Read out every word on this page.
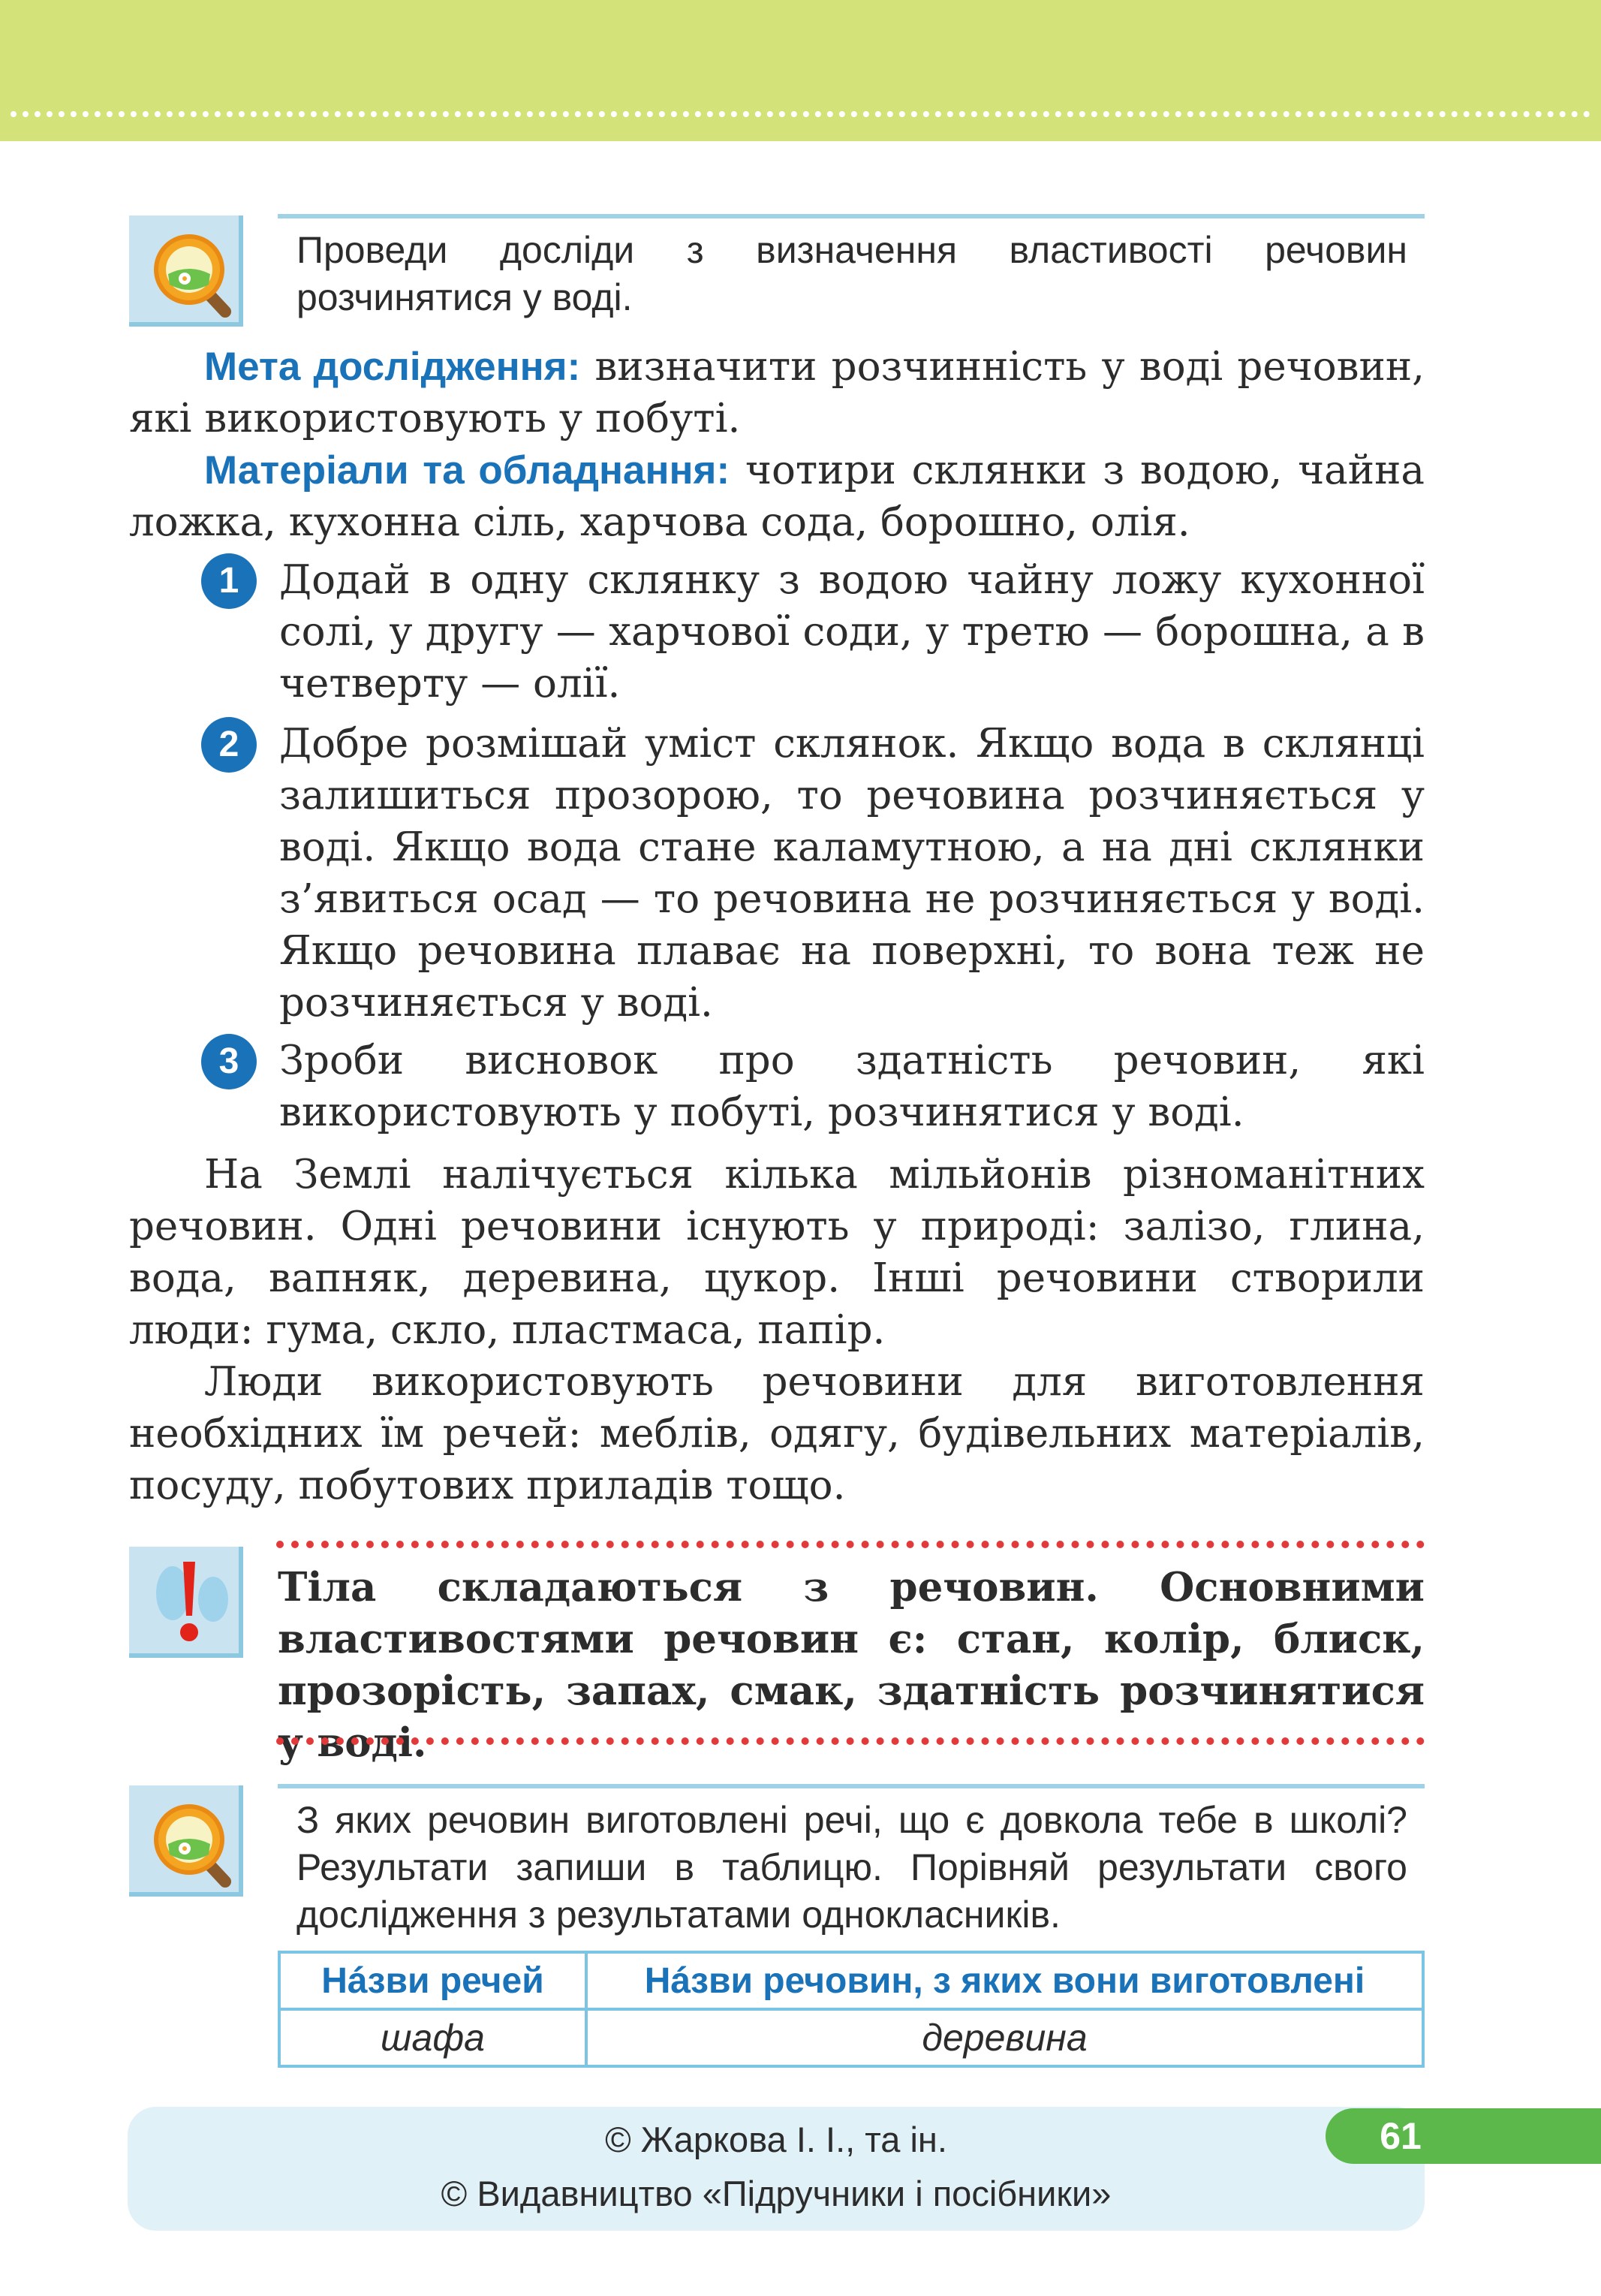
Проведи досліди з визначення властивості речовин розчинятися у воді.

Мета дослідження: визначити розчинність у воді речовин, які використовують у побуті.

Матеріали та обладнання: чотири склянки з водою, чайна ложка, кухонна сіль, харчова сода, борошно, олія.

1	Додай в одну склянку з водою чайну ложу кухонної солі, у другу — харчової соди, у третю — борошна, а в четверту — олії.

2	Добре розмішай уміст склянок. Якщо вода в склянці залишиться прозорою, то речовина розчиняється у воді. Якщо вода стане каламутною, а на дні склянки з’явиться осад — то речовина не розчиняється у воді. Якщо речовина плаває на поверхні, то вона теж не розчиняється у воді.

3	Зроби висновок про здатність речовин, які використовують у побуті, розчинятися у воді.

На Землі налічується кілька мільйонів різноманітних речовин. Одні речовини існують у природі: залізо, глина, вода, вапняк, деревина, цукор. Інші речовини створили люди: гума, скло, пластмаса, папір.

Люди використовують речовини для виготовлення необхідних їм речей: меблів, одягу, будівельних матеріалів, посуду, побутових приладів тощо.

Тіла складаються з речовин. Основними властивостями речовин є: стан, колір, блиск, прозорість, запах, смак, здатність розчинятися у воді.
З яких речовин виготовлені речі, що є довкола тебе в школі? Результати запиши в таблицю. Порівняй результати свого дослідження з результатами однокласників.
Нáзви речей	Нáзви речовин, з яких вони виготовлені
шафа	деревина
© Жаркова І. І., та ін.
© Видавництво «Підручники і посібники»
61
